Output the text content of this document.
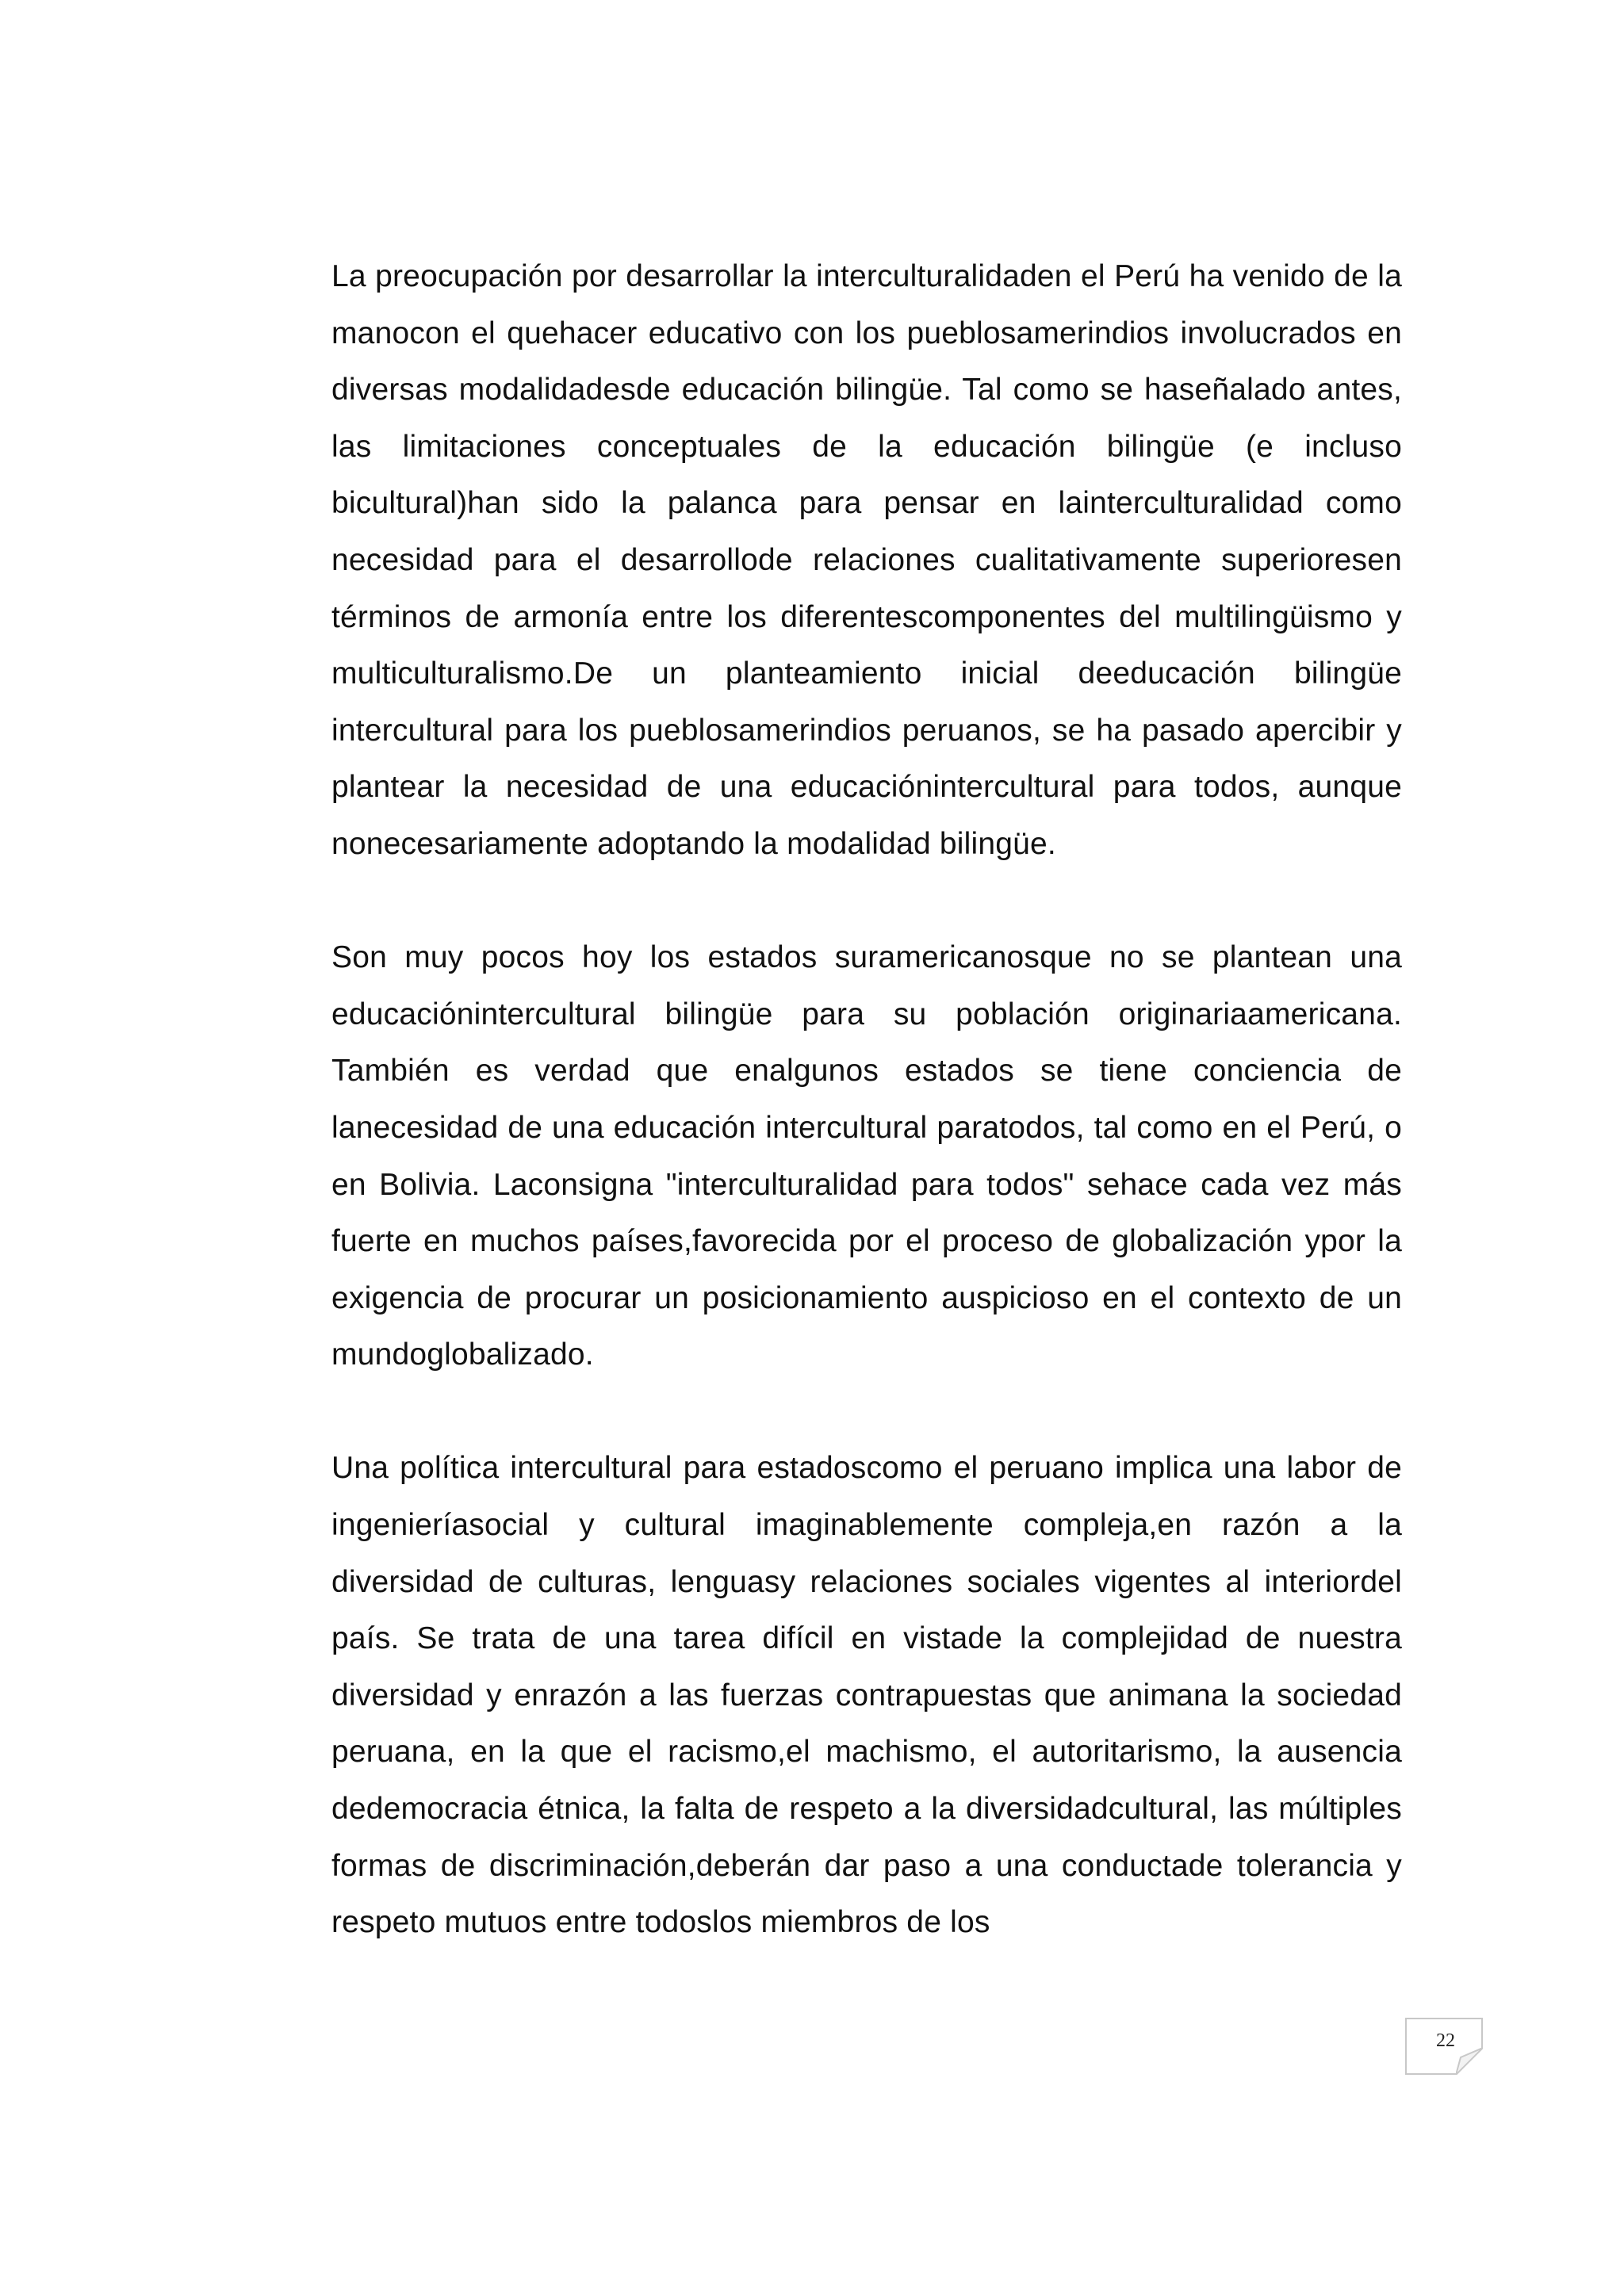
La preocupación por desarrollar la interculturalidaden el Perú ha venido de la manocon el quehacer educativo con los pueblosamerindios involucrados en diversas modalidadesde educación bilingüe. Tal como se haseñalado antes, las limitaciones conceptuales de la educación bilingüe (e incluso bicultural)han sido la palanca para pensar en lainterculturalidad como necesidad para el desarrollode relaciones cualitativamente superioresen términos de armonía entre los diferentescomponentes del multilingüismo y multiculturalismo.De un planteamiento inicial deeducación bilingüe intercultural para los pueblosamerindios peruanos, se ha pasado apercibir y plantear la necesidad de una educaciónintercultural para todos, aunque nonecesariamente adoptando la modalidad bilingüe.

Son muy pocos hoy los estados suramericanosque no se plantean una educaciónintercultural bilingüe para su población originariaamericana. También es verdad que enalgunos estados se tiene conciencia de lanecesidad de una educación intercultural paratodos, tal como en el Perú, o en Bolivia. Laconsigna "interculturalidad para todos" sehace cada vez más fuerte en muchos países,favorecida por el proceso de globalización ypor la exigencia de procurar un posicionamiento auspicioso en el contexto de un mundoglobalizado.

Una política intercultural para estadoscomo el peruano implica una labor de ingenieríasocial y cultural imaginablemente compleja,en razón a la diversidad de culturas, lenguasy relaciones sociales vigentes al interiordel país. Se trata de una tarea difícil en vistade la complejidad de nuestra diversidad y enrazón a las fuerzas contrapuestas que animana la sociedad peruana, en la que el racismo,el machismo, el autoritarismo, la ausencia dedemocracia étnica, la falta de respeto a la diversidadcultural, las múltiples formas de discriminación,deberán dar paso a una conductade tolerancia y respeto mutuos entre todoslos miembros de los

22
